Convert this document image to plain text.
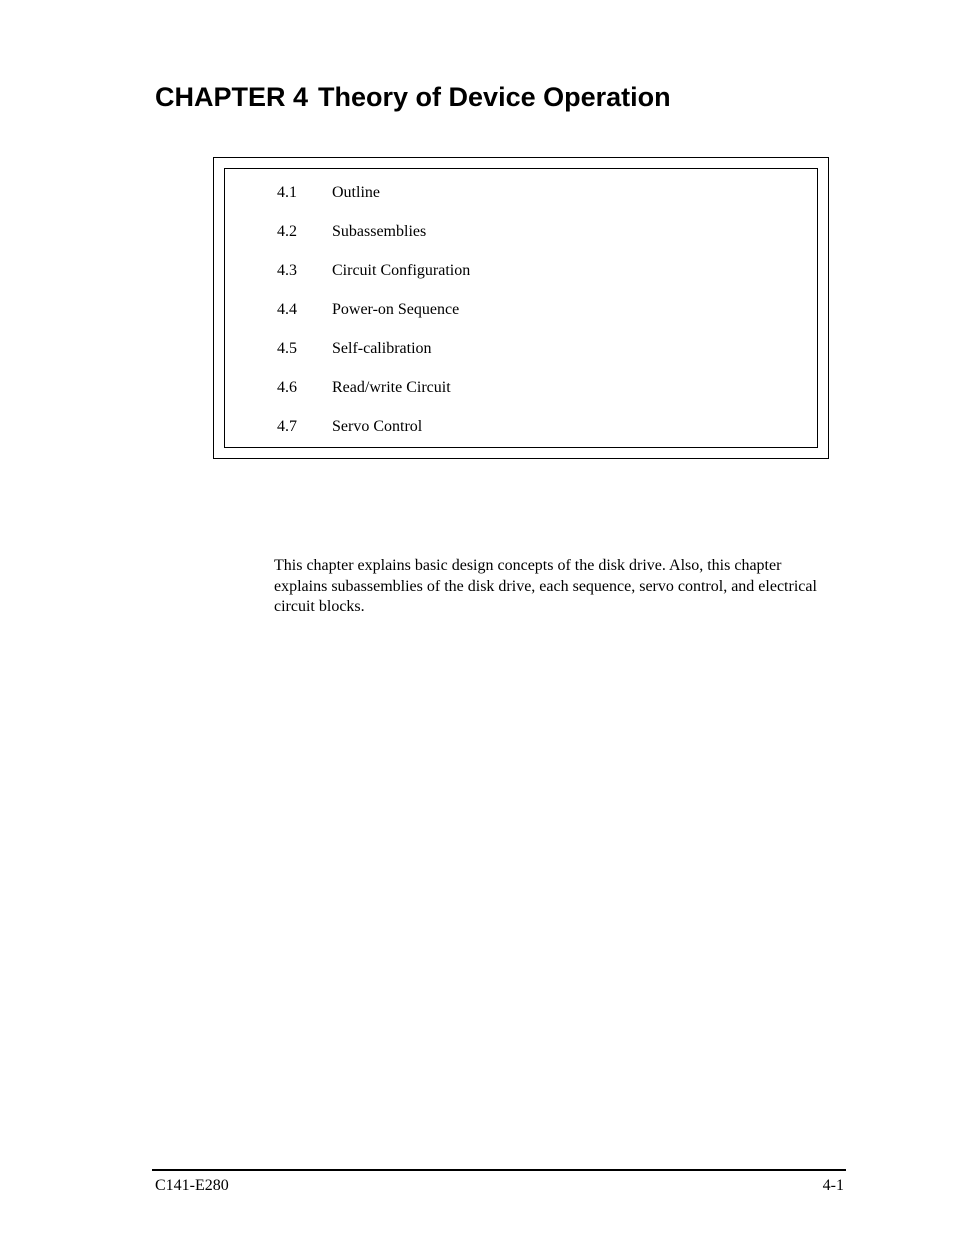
CHAPTER 4 Theory of Device Operation
4.1 Outline
4.2 Subassemblies
4.3 Circuit Configuration
4.4 Power-on Sequence
4.5 Self-calibration
4.6 Read/write Circuit
4.7 Servo Control

This chapter explains basic design concepts of the disk drive. Also, this chapter explains subassemblies of the disk drive, each sequence, servo control, and electrical circuit blocks.

C141-E280	4-1
